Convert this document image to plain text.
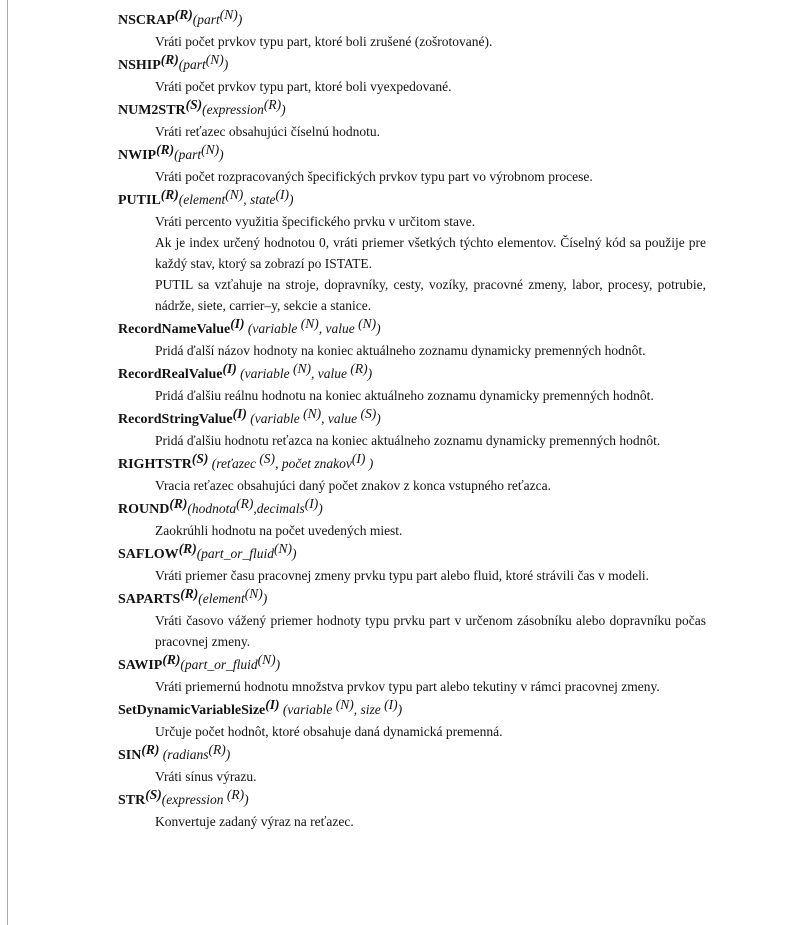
NSCRAP(R)(part(N))

Vráti počet prvkov typu part, ktoré boli zrušené (zošrotované).

NSHIP(R)(part(N))

Vráti počet prvkov typu part, ktoré boli vyexpedované.

NUM2STR(S)(expression(R))

Vráti reťazec obsahujúci číselnú hodnotu.

NWIP(R)(part(N))

Vráti počet rozpracovaných špecifických prvkov typu part vo výrobnom procese.

PUTIL(R)(element(N), state(I))

Vráti percento využitia špecifického prvku v určitom stave.

Ak je index určený hodnotou 0, vráti priemer všetkých týchto elementov. Číselný kód sa použije pre každý stav, ktorý sa zobrazí po ISTATE.

PUTIL sa vzťahuje na stroje, dopravníky, cesty, vozíky, pracovné zmeny, labor, procesy, potrubie, nádrže, siete, carrier–y, sekcie a stanice.

RecordNameValue(I) (variable (N), value (N))

Pridá ďalší názov hodnoty na koniec aktuálneho zoznamu dynamicky premenných hodnôt.

RecordRealValue(I) (variable (N), value (R))

Pridá ďalšiu reálnu hodnotu na koniec aktuálneho zoznamu dynamicky premenných hodnôt.

RecordStringValue(I) (variable (N), value (S))

Pridá ďalšiu hodnotu reťazca na koniec aktuálneho zoznamu dynamicky premenných hodnôt.

RIGHTSTR(S) (reťazec (S), počet znakov(I) )

Vracia reťazec obsahujúci daný počet znakov z konca vstupného reťazca.

ROUND(R)(hodnota(R),decimals(I))

Zaokrúhli hodnotu na počet uvedených miest.

SAFLOW(R)(part_or_fluid(N))

Vráti priemer času pracovnej zmeny prvku typu part alebo fluid, ktoré strávili čas v modeli.

SAPARTS(R)(element(N))

Vráti časovo vážený priemer hodnoty typu prvku part v určenom zásobníku alebo dopravníku počas pracovnej zmeny.

SAWIP(R)(part_or_fluid(N))

Vráti priemernú hodnotu množstva prvkov typu part alebo tekutiny v rámci pracovnej zmeny.

SetDynamicVariableSize(I) (variable (N), size (I))

Určuje počet hodnôt, ktoré obsahuje daná dynamická premenná.

SIN(R) (radians(R))

Vráti sínus výrazu.

STR(S)(expression (R))

Konvertuje zadaný výraz na reťazec.
